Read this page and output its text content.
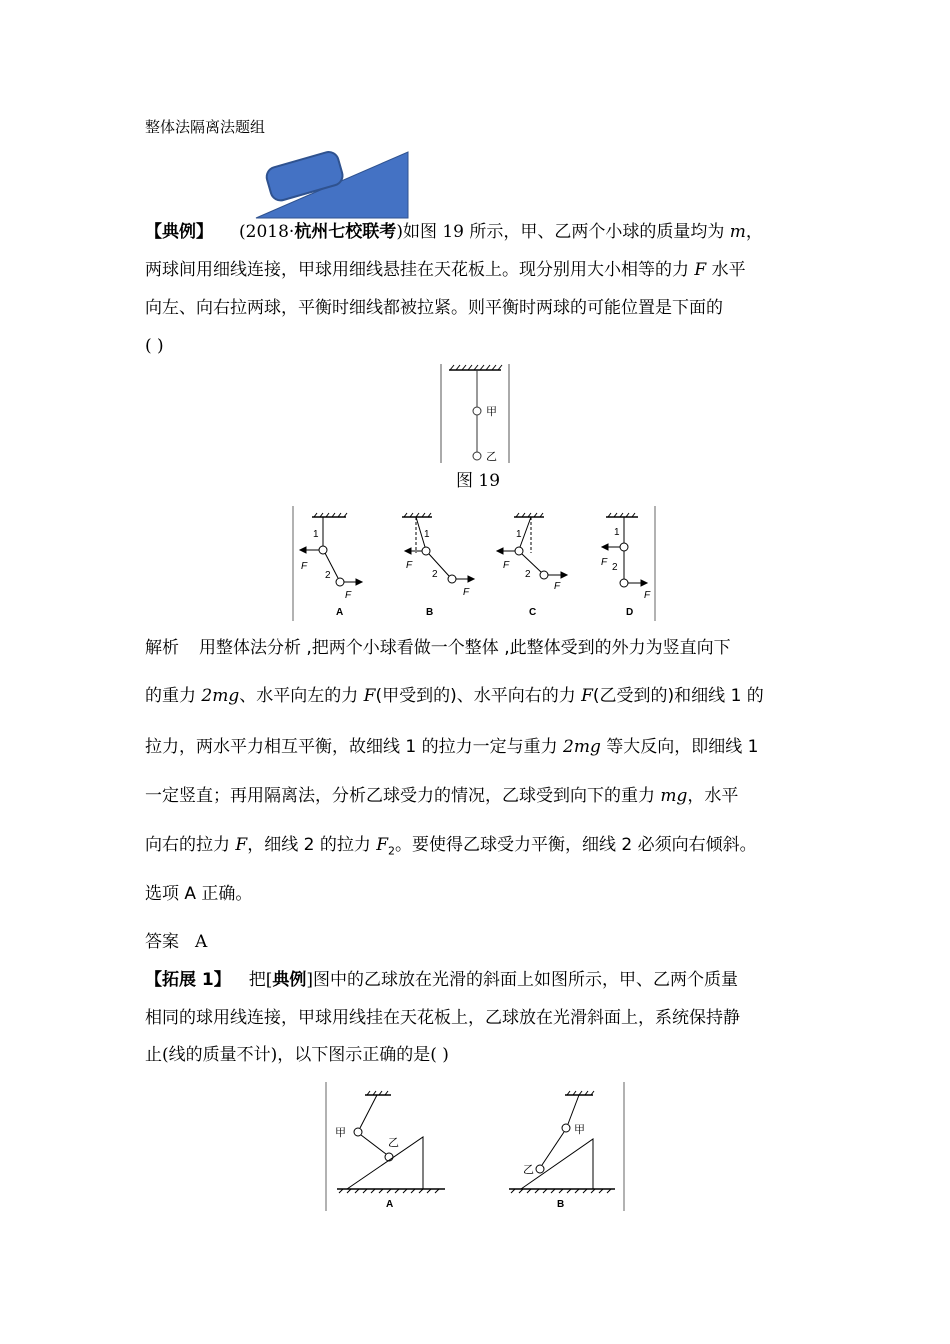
整体法隔离法题组
【典例】 (2018·杭州七校联考)如图 19 所示，甲、乙两个小球的质量均为 m，
两球间用细线连接，甲球用细线悬挂在天花板上。现分别用大小相等的力 F 水平
向左、向右拉两球，平衡时细线都被拉紧。则平衡时两球的可能位置是下面的
( )
甲
乙
图 19
1
2
F
F
1
2
F
F
1
2
F
F
1
2
F
F
A	B	C	D
解析 用整体法分析 ,把两个小球看做一个整体 ,此整体受到的外力为竖直向下
的重力 2mg、水平向左的力 F(甲受到的)、水平向右的力 F(乙受到的)和细线 1 的
拉力，两水平力相互平衡，故细线 1 的拉力一定与重力 2mg 等大反向，即细线 1
一定竖直；再用隔离法，分析乙球受力的情况，乙球受到向下的重力 mg，水平
向右的拉力 F，细线 2 的拉力 $F_2$。要使得乙球受力平衡，细线 2 必须向右倾斜。
选项 A 正确。
答案 A
【拓展 1】 把[典例]图中的乙球放在光滑的斜面上如图所示，甲、乙两个质量
相同的球用线连接，甲球用线挂在天花板上，乙球放在光滑斜面上，系统保持静
止(线的质量不计)，以下图示正确的是( )
甲
乙
甲
乙
A	B
